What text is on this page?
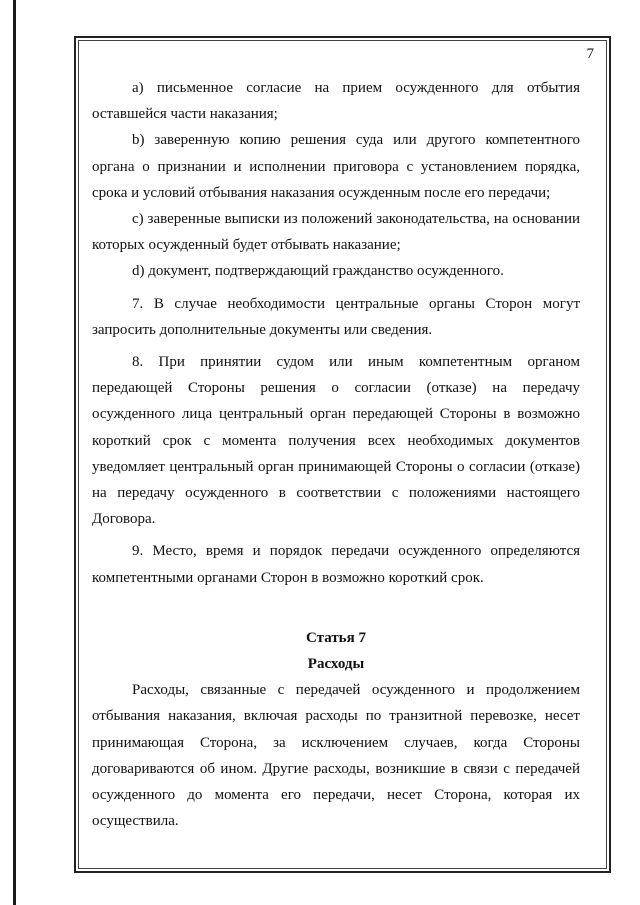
7

a) письменное согласие на прием осужденного для отбытия оставшейся части наказания;

b) заверенную копию решения суда или другого компетентного органа о признании и исполнении приговора с установлением порядка, срока и условий отбывания наказания осужденным после его передачи;

c) заверенные выписки из положений законодательства, на основании которых осужденный будет отбывать наказание;

d) документ, подтверждающий гражданство осужденного.

7. В случае необходимости центральные органы Сторон могут запросить дополнительные документы или сведения.

8. При принятии судом или иным компетентным органом передающей Стороны решения о согласии (отказе) на передачу осужденного лица центральный орган передающей Стороны в возможно короткий срок с момента получения всех необходимых документов уведомляет центральный орган принимающей Стороны о согласии (отказе) на передачу осужденного в соответствии с положениями настоящего Договора.

9. Место, время и порядок передачи осужденного определяются компетентными органами Сторон в возможно короткий срок.

Статья 7

Расходы

Расходы, связанные с передачей осужденного и продолжением отбывания наказания, включая расходы по транзитной перевозке, несет принимающая Сторона, за исключением случаев, когда Стороны договариваются об ином. Другие расходы, возникшие в связи с передачей осужденного до момента его передачи, несет Сторона, которая их осуществила.
